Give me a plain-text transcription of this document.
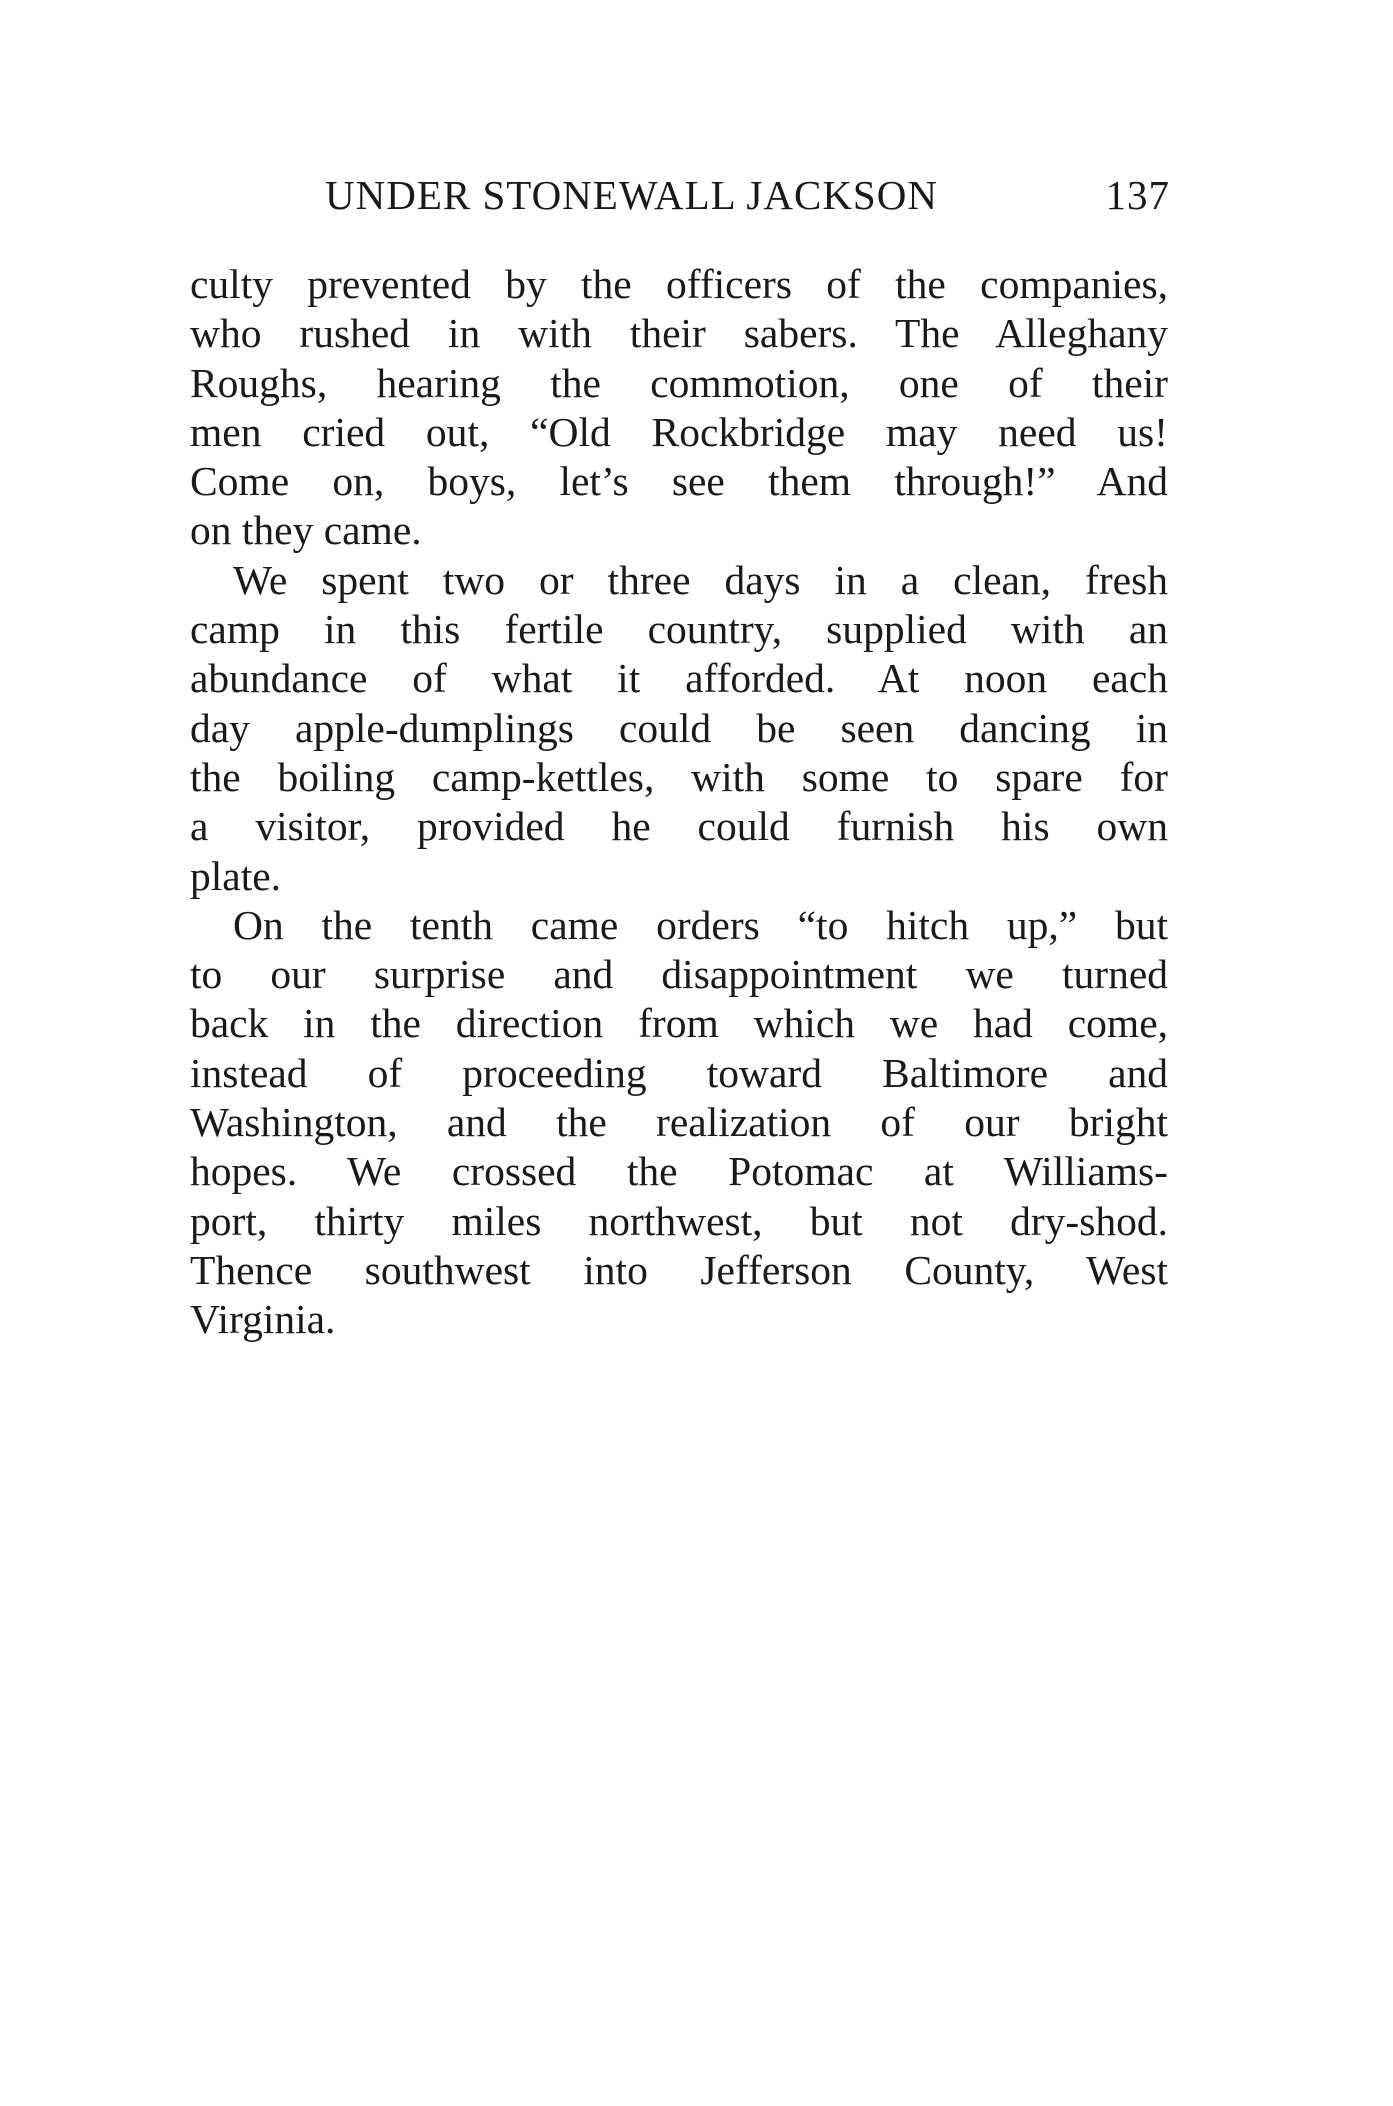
UNDER STONEWALL JACKSON	137
culty prevented by the officers of the companies,
who rushed in with their sabers. The Alleghany
Roughs, hearing the commotion, one of their
men cried out, “Old Rockbridge may need us!
Come on, boys, let’s see them through!” And
on they came.
We spent two or three days in a clean, fresh
camp in this fertile country, supplied with an
abundance of what it afforded. At noon each
day apple-dumplings could be seen dancing in
the boiling camp-kettles, with some to spare for
a visitor, provided he could furnish his own
plate.
On the tenth came orders “to hitch up,” but
to our surprise and disappointment we turned
back in the direction from which we had come,
instead of proceeding toward Baltimore and
Washington, and the realization of our bright
hopes. We crossed the Potomac at Williams-
port, thirty miles northwest, but not dry-shod.
Thence southwest into Jefferson County, West
Virginia.
